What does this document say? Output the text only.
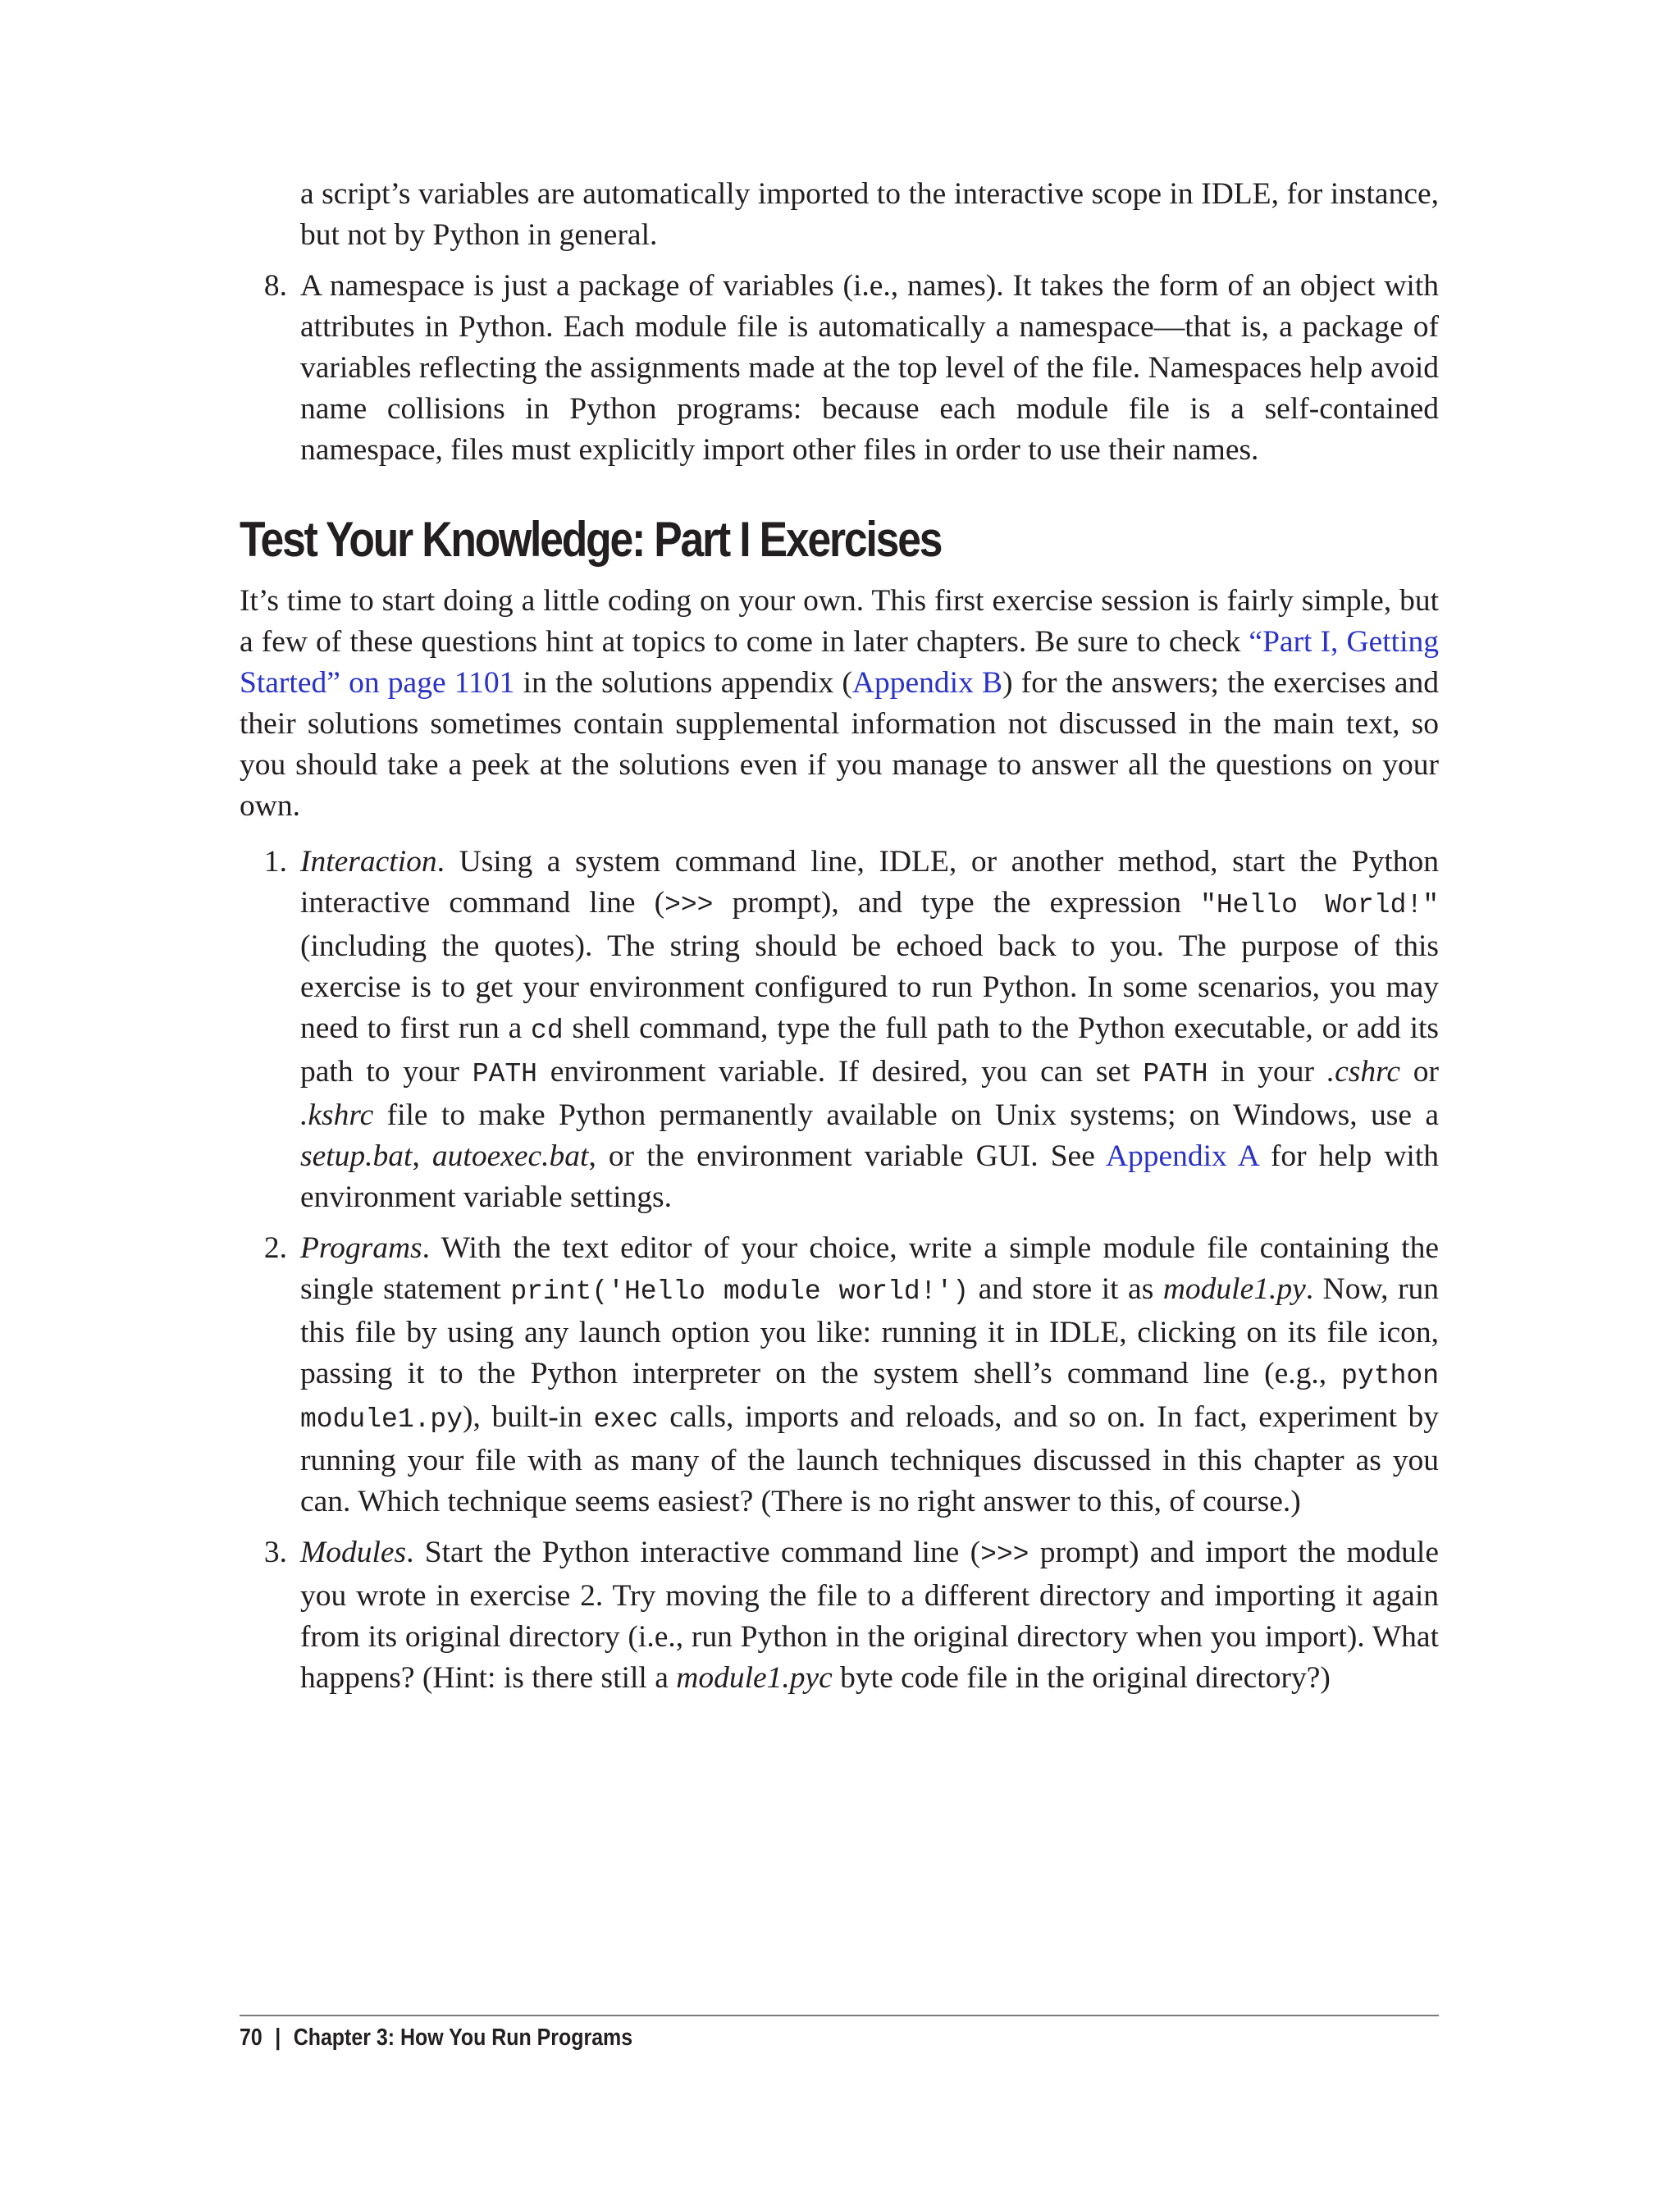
a script’s variables are automatically imported to the interactive scope in IDLE, for instance, but not by Python in general.

8. A namespace is just a package of variables (i.e., names). It takes the form of an object with attributes in Python. Each module file is automatically a namespace—that is, a package of variables reflecting the assignments made at the top level of the file. Namespaces help avoid name collisions in Python programs: because each module file is a self-contained namespace, files must explicitly import other files in order to use their names.
Test Your Knowledge: Part I Exercises

It’s time to start doing a little coding on your own. This first exercise session is fairly simple, but a few of these questions hint at topics to come in later chapters. Be sure to check “Part I, Getting Started” on page 1101 in the solutions appendix (Appendix B) for the answers; the exercises and their solutions sometimes contain supplemental information not discussed in the main text, so you should take a peek at the solutions even if you manage to answer all the questions on your own.

1. Interaction. Using a system command line, IDLE, or another method, start the Python interactive command line (>>> prompt), and type the expression "Hello World!" (including the quotes). The string should be echoed back to you. The purpose of this exercise is to get your environment configured to run Python. In some scenarios, you may need to first run a cd shell command, type the full path to the Python executable, or add its path to your PATH environment variable. If desired, you can set PATH in your .cshrc or .kshrc file to make Python permanently available on Unix systems; on Windows, use a setup.bat, autoexec.bat, or the environment variable GUI. See Appendix A for help with environment variable settings.
2. Programs. With the text editor of your choice, write a simple module file containing the single statement print('Hello module world!') and store it as module1.py. Now, run this file by using any launch option you like: running it in IDLE, clicking on its file icon, passing it to the Python interpreter on the system shell’s command line (e.g., python module1.py), built-in exec calls, imports and reloads, and so on. In fact, experiment by running your file with as many of the launch techniques discussed in this chapter as you can. Which technique seems easiest? (There is no right answer to this, of course.)
3. Modules. Start the Python interactive command line (>>> prompt) and import the module you wrote in exercise 2. Try moving the file to a different directory and importing it again from its original directory (i.e., run Python in the original directory when you import). What happens? (Hint: is there still a module1.pyc byte code file in the original directory?)
70 | Chapter 3: How You Run Programs
